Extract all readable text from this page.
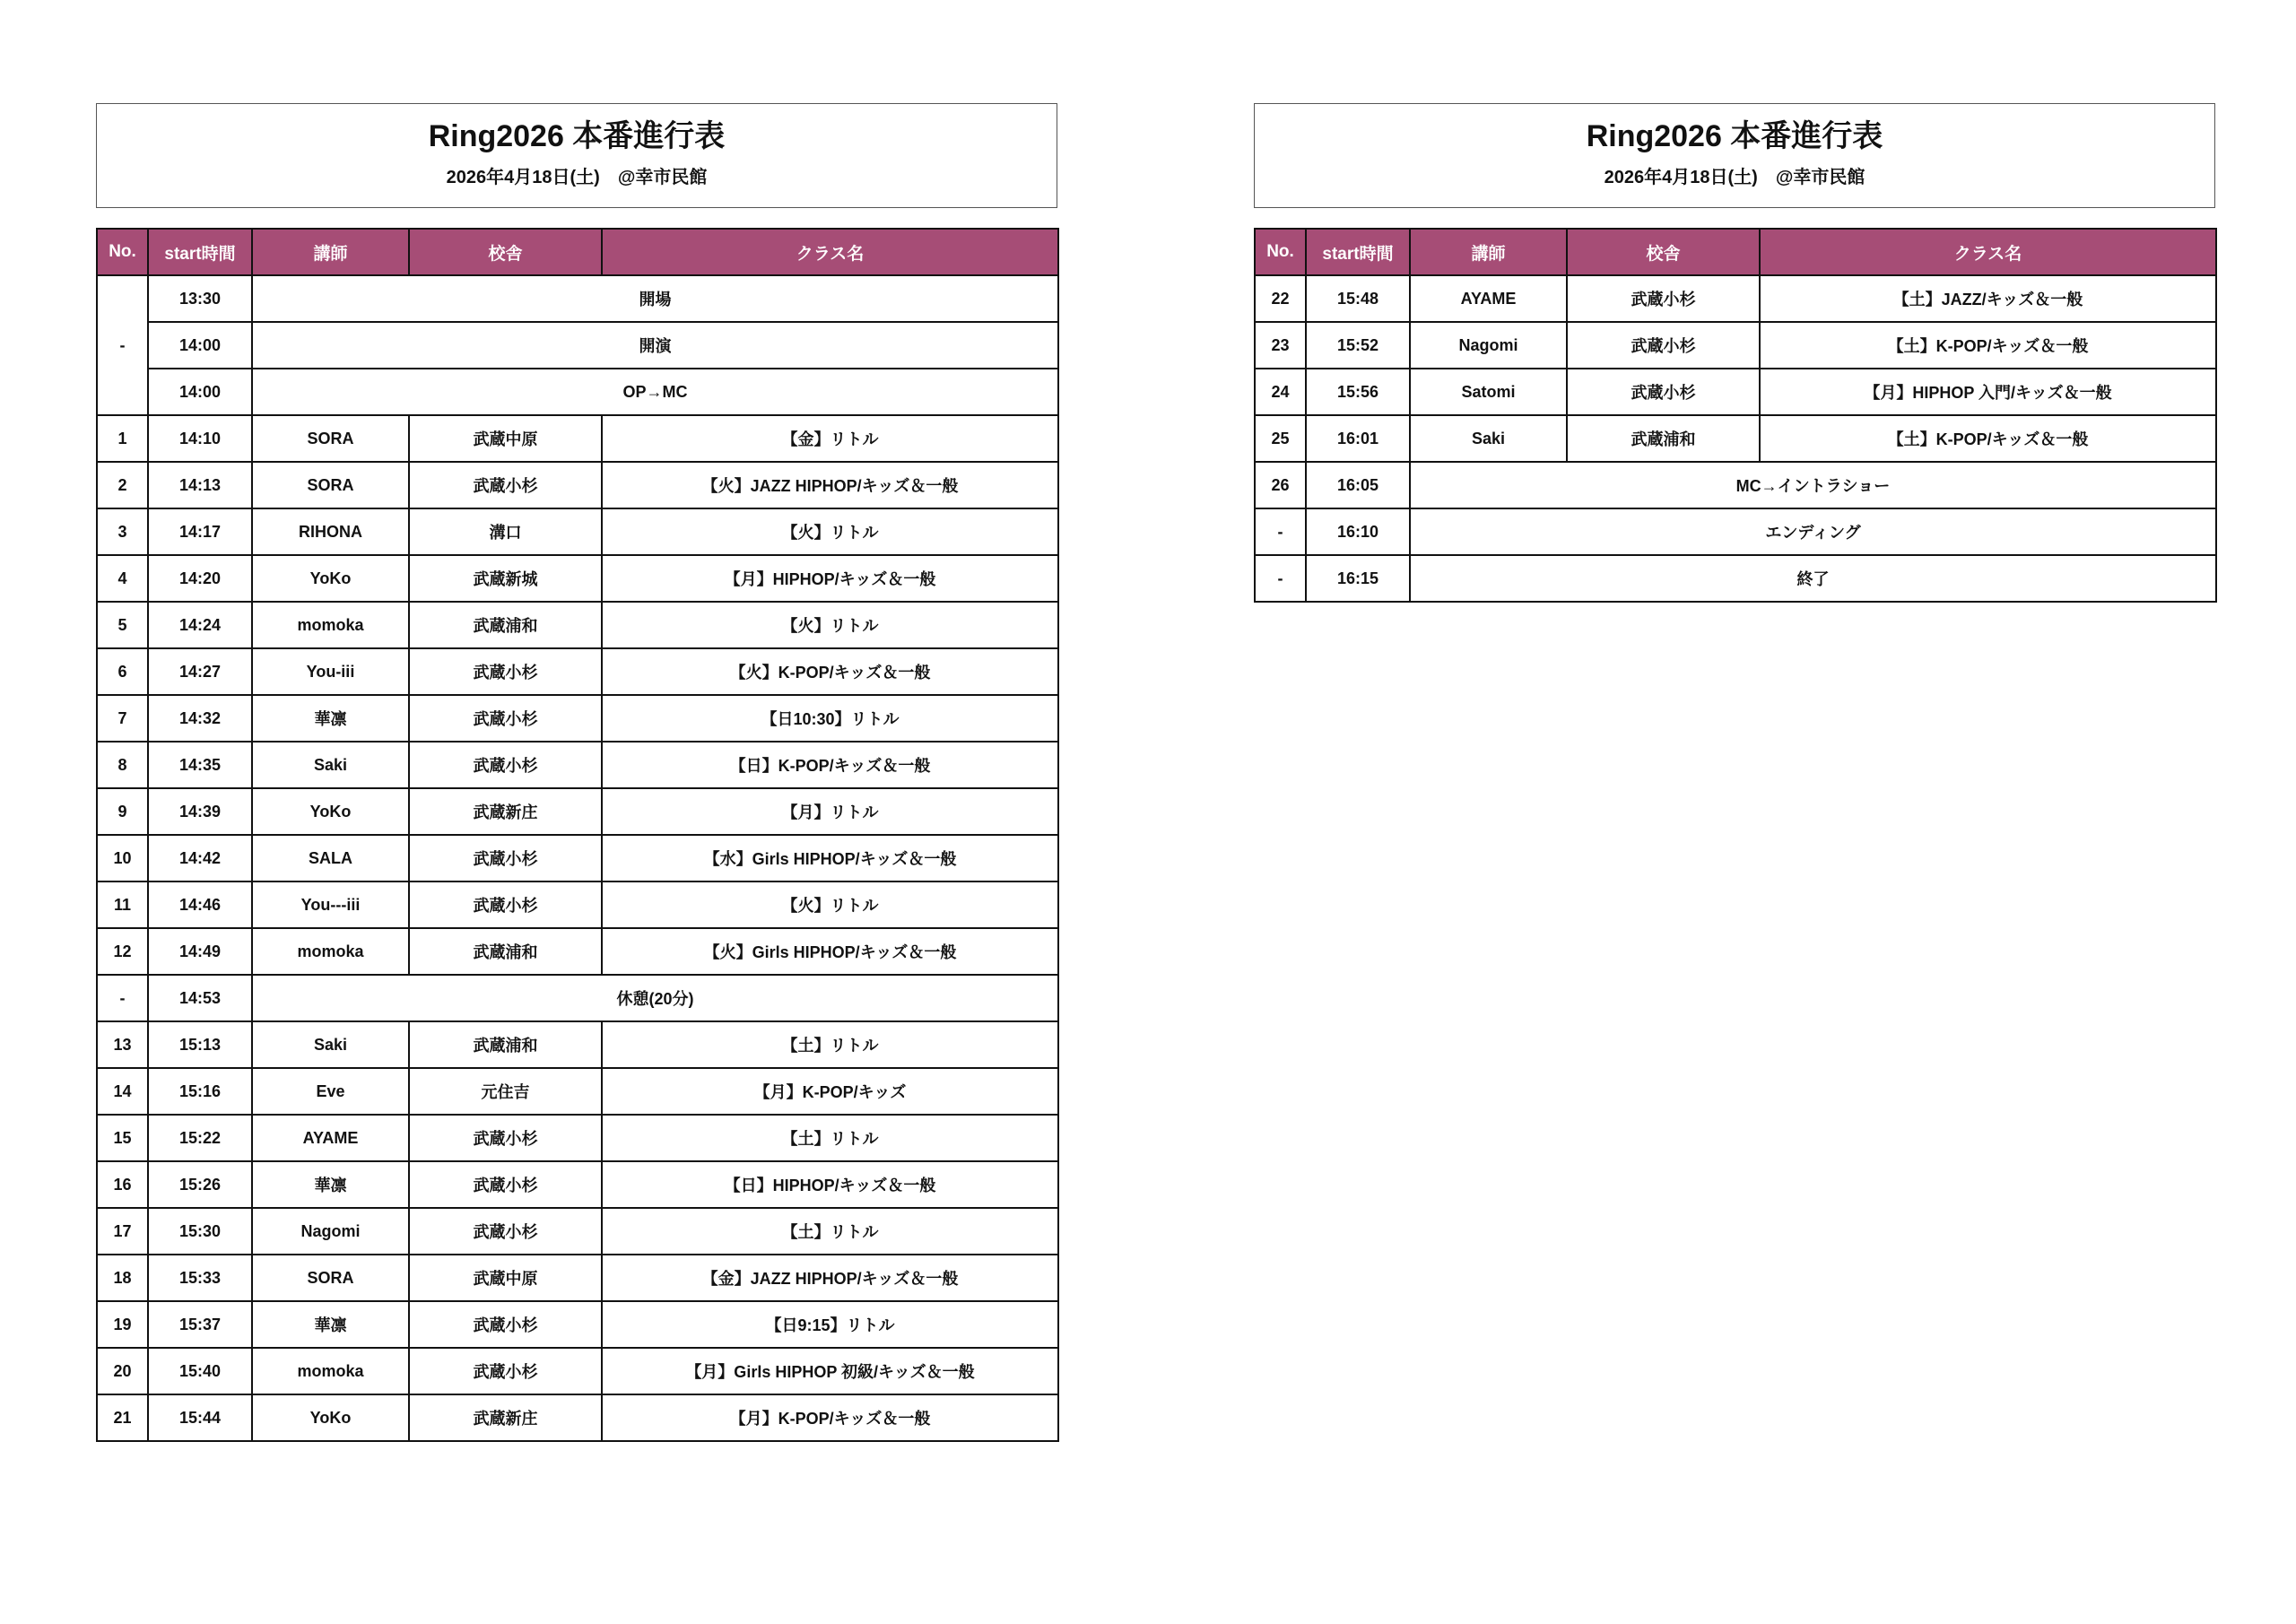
Ring2026 本番進行表
2026年4月18日(土)　@幸市民館
No.	start時間	講師	校舎	クラス名
-	13:30	開場		
	14:00	開演		
	14:00	OP→MC		
1	14:10	SORA	武蔵中原	【金】リトル
2	14:13	SORA	武蔵小杉	【火】JAZZ HIPHOP/キッズ＆一般
3	14:17	RIHONA	溝口	【火】リトル
4	14:20	YoKo	武蔵新城	【月】HIPHOP/キッズ＆一般
5	14:24	momoka	武蔵浦和	【火】リトル
6	14:27	You-iii	武蔵小杉	【火】K-POP/キッズ＆一般
7	14:32	華凛	武蔵小杉	【日10:30】リトル
8	14:35	Saki	武蔵小杉	【日】K-POP/キッズ＆一般
9	14:39	YoKo	武蔵新庄	【月】リトル
10	14:42	SALA	武蔵小杉	【水】Girls HIPHOP/キッズ＆一般
11	14:46	You---iii	武蔵小杉	【火】リトル
12	14:49	momoka	武蔵浦和	【火】Girls HIPHOP/キッズ＆一般
-	14:53	休憩(20分)		
13	15:13	Saki	武蔵浦和	【土】リトル
14	15:16	Eve	元住吉	【月】K-POP/キッズ
15	15:22	AYAME	武蔵小杉	【土】リトル
16	15:26	華凛	武蔵小杉	【日】HIPHOP/キッズ＆一般
17	15:30	Nagomi	武蔵小杉	【土】リトル
18	15:33	SORA	武蔵中原	【金】JAZZ HIPHOP/キッズ＆一般
19	15:37	華凛	武蔵小杉	【日9:15】リトル
20	15:40	momoka	武蔵小杉	【月】Girls HIPHOP 初級/キッズ＆一般
21	15:44	YoKo	武蔵新庄	【月】K-POP/キッズ＆一般
Ring2026 本番進行表
2026年4月18日(土)　@幸市民館
No.	start時間	講師	校舎	クラス名
22	15:48	AYAME	武蔵小杉	【土】JAZZ/キッズ＆一般
23	15:52	Nagomi	武蔵小杉	【土】K-POP/キッズ＆一般
24	15:56	Satomi	武蔵小杉	【月】HIPHOP 入門/キッズ＆一般
25	16:01	Saki	武蔵浦和	【土】K-POP/キッズ＆一般
26	16:05	MC→イントラショー		
-	16:10	エンディング		
-	16:15	終了		
